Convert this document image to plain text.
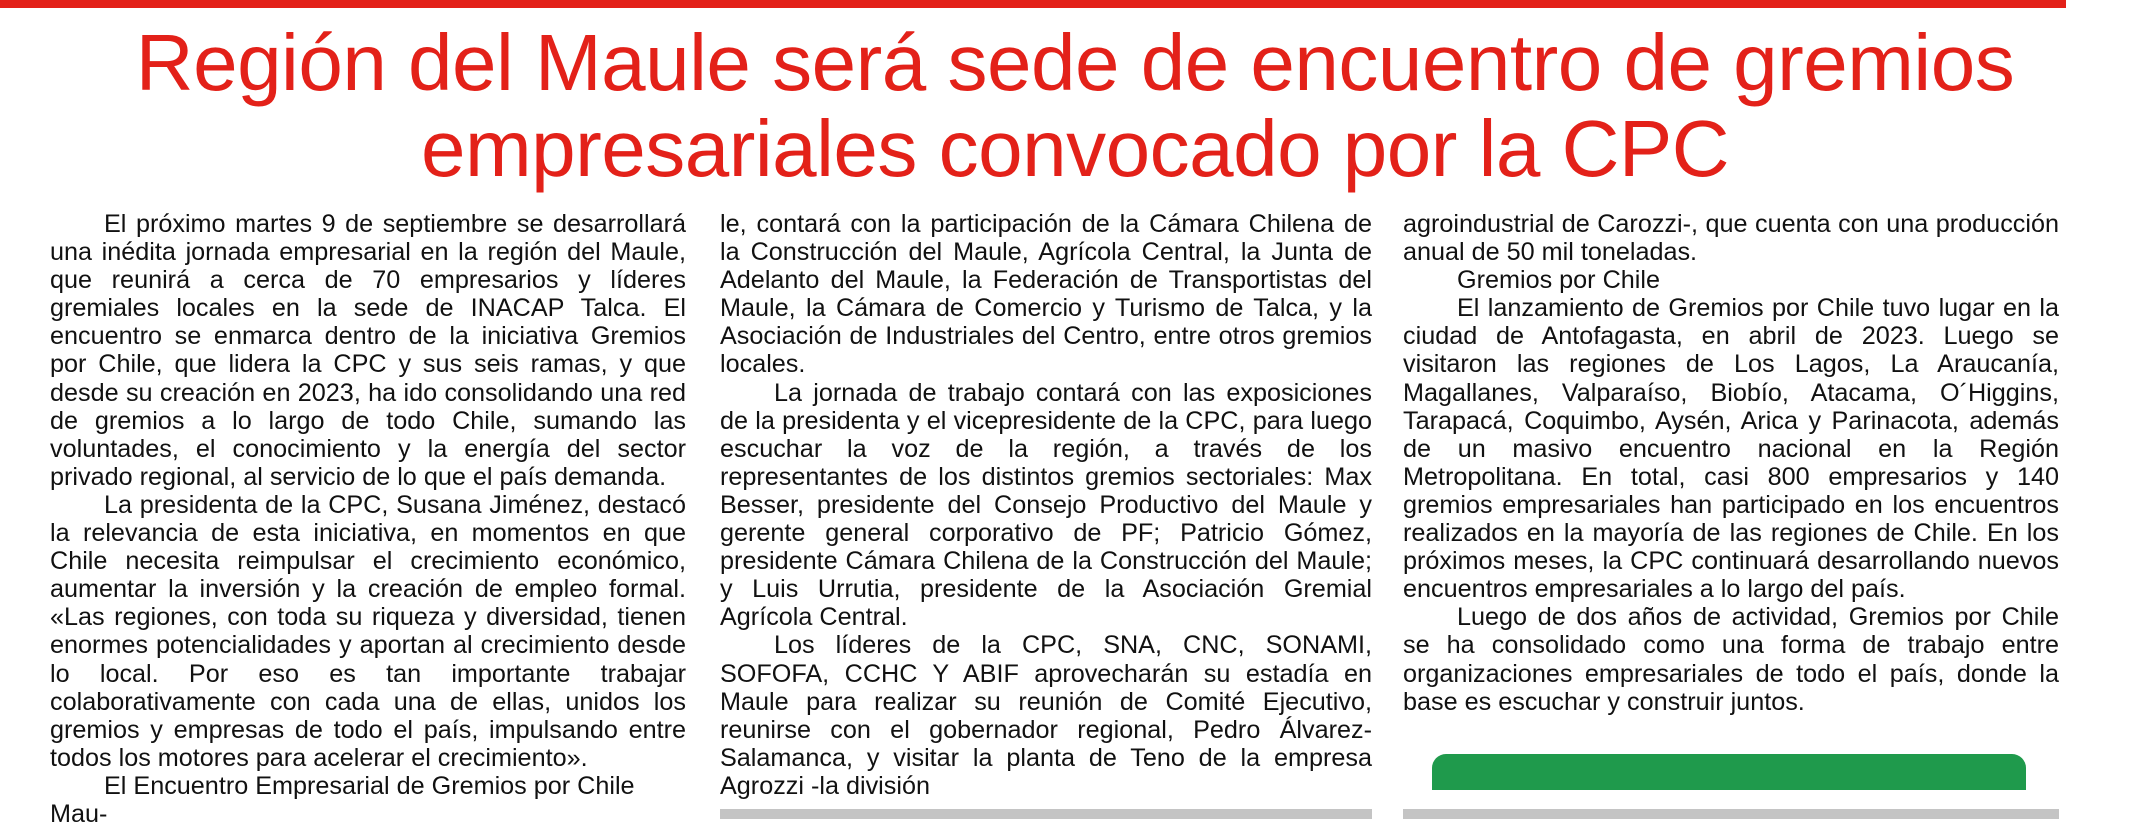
Región del Maule será sede de encuentro de gremios empresariales convocado por la CPC

El próximo martes 9 de septiembre se desarrollará una inédita jornada empresarial en la región del Maule, que reunirá a cerca de 70 empresarios y líderes gremiales locales en la sede de INACAP Talca. El encuentro se enmarca dentro de la iniciativa Gremios por Chile, que lidera la CPC y sus seis ramas, y que desde su creación en 2023, ha ido consolidando una red de gremios a lo largo de todo Chile, sumando las voluntades, el conocimiento y la energía del sector privado regional, al servicio de lo que el país demanda.

La presidenta de la CPC, Susana Jiménez, destacó la relevancia de esta iniciativa, en momentos en que Chile necesita reimpulsar el crecimiento económico, aumentar la inversión y la creación de empleo formal. «Las regiones, con toda su riqueza y diversidad, tienen enormes potencialidades y aportan al crecimiento desde lo local. Por eso es tan importante trabajar colaborativamente con cada una de ellas, unidos los gremios y empresas de todo el país, impulsando entre todos los motores para acelerar el crecimiento».

El Encuentro Empresarial de Gremios por Chile Mau-

le, contará con la participación de la Cámara Chilena de la Construcción del Maule, Agrícola Central, la Junta de Adelanto del Maule, la Federación de Transportistas del Maule, la Cámara de Comercio y Turismo de Talca, y la Asociación de Industriales del Centro, entre otros gremios locales.

La jornada de trabajo contará con las exposiciones de la presidenta y el vicepresidente de la CPC, para luego escuchar la voz de la región, a través de los representantes de los distintos gremios sectoriales: Max Besser, presidente del Consejo Productivo del Maule y gerente general corporativo de PF; Patricio Gómez, presidente Cámara Chilena de la Construcción del Maule; y Luis Urrutia, presidente de la Asociación Gremial Agrícola Central.

Los líderes de la CPC, SNA, CNC, SONAMI, SOFOFA, CCHC Y ABIF aprovecharán su estadía en Maule para realizar su reunión de Comité Ejecutivo, reunirse con el gobernador regional, Pedro Álvarez-Salamanca, y visitar la planta de Teno de la empresa Agrozzi -la división

agroindustrial de Carozzi-, que cuenta con una producción anual de 50 mil toneladas.

Gremios por Chile

El lanzamiento de Gremios por Chile tuvo lugar en la ciudad de Antofagasta, en abril de 2023. Luego se visitaron las regiones de Los Lagos, La Araucanía, Magallanes, Valparaíso, Biobío, Atacama, O´Higgins, Tarapacá, Coquimbo, Aysén, Arica y Parinacota, además de un masivo encuentro nacional en la Región Metropolitana. En total, casi 800 empresarios y 140 gremios empresariales han participado en los encuentros realizados en la mayoría de las regiones de Chile. En los próximos meses, la CPC continuará desarrollando nuevos encuentros empresariales a lo largo del país.

Luego de dos años de actividad, Gremios por Chile se ha consolidado como una forma de trabajo entre organizaciones empresariales de todo el país, donde la base es escuchar y construir juntos.
